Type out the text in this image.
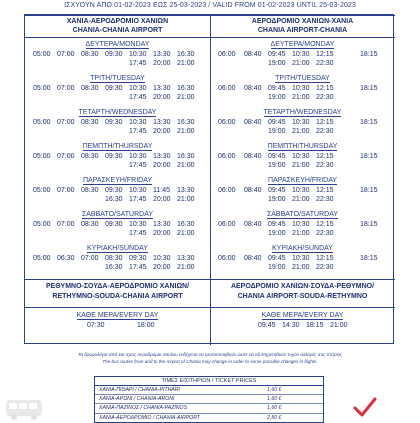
ΙΣΧΥΟΥΝ ΑΠΟ 01-02-2023 ΕΩΣ 25-03-2023 / VALID FROM 01-02-2023 UNTIL 25-03-2023
ΧΑΝΙΑ-ΑΕΡΟΔΡΟΜΙΟ ΧΑΝΙΩΝ
CHANIA-CHANIA AIRPORT
ΡΕΘΥΜΝΟ-ΣΟΥΔΑ-ΑΕΡΟΔΡΟΜΙΟ ΧΑΝΙΩΝ/
RETHYMNO-SOUDA-CHANIA AIRPORT
ΚΑΘΕ ΜΕΡΑ/EVERY DAY
07:30	18:00
ΔΕΥΤΕΡΑ/MONDAY
05:00 07:00 08:30 09:30 10:30 13:30 16:30
17:45 20:00 21:00
ΤΡΙΤΗ/TUESDAY
05:00 07:00 08:30 09:30 10:30 13:30 16:30
17:45 20:00 21:00
ΤΕΤΑΡΤΗ/WEDNESDAY
05:00 07:00 08:30 09:30 10:30 13:30 16:30
17:45 20:00 21:00
ΠΕΜΠΤΗ/THURSDAY
05:00 07:00 08:30 09:30 10:30 13:30 16:30
17:45 20:00 21:00
ΠΑΡΑΣΚΕΥΗ/FRIDAY
05:00 07:00 08:30 09:30 10:30 11:45 13:30
16:30 17:45 20:00 21:00
ΣΑΒΒΑΤΟ/SATURDAY
05:00 07:00 08:30 09:30 10:30 13:30 16:30
17:45 20:00 21:00
ΚΥΡΙΑΚΗ/SUNDAY
05:00 06:30 07:00 08:30 09:30 10:30 13:30
16:30 17:45 20:00 21:00
ΑΕΡΟΔΡΟΜΙΟ ΧΑΝΙΩΝ-ΧΑΝΙΑ
CHANIA AIRPORT-CHANIA
ΑΕΡΟΔΡΟΜΙΟ ΧΑΝΙΩΝ-ΣΟΥΔΑ-ΡΕΘΥΜΝΟ/
CHANIA AIRPORT-SOUDA-RETHYMNO
ΚΑΘΕ ΜΕΡΑ/EVERY DAY
09:45 14:30 18:15 21:00
ΔΕΥΤΕΡΑ/MONDAY
06:00 08:40 09:45 10:30 12:15	18:15
19:00 21:00 22:30
ΤΡΙΤΗ/TUESDAY
06:00 08:40 09:45 10:30 12:15	18:15
19:00 21:00 22:30
ΤΕΤΑΡΤΗ/WEDNESDAY
06:00 08:40 09:45 10:30 12:15	18:15
19:00 21:00 22:30
ΠΕΜΠΤΗ/THURSDAY
06:00 08:40 09:45 10:30 12:15	18:15
19:00 21:00 22:30
ΠΑΡΑΣΚΕΥΗ/FRIDAY
06:00 08:40 09:45 10:30 12:15	18:15
19:00 21:00 22:30
ΣΑΒΒΑΤΟ/SATURDAY
06:00 08:40 09:45 10:30 12:15	18:15
19:00 21:00 22:30
ΚΥΡΙΑΚΗ/SUNDAY
06:00 08:40 09:45 10:30 12:15	18:15
19:00 21:00 22:30
Τα δρομολόγια από και προς Αεροδρόμιο Χανίων ενδέχεται να τροποποιηθούν ώστε να εξυπηρετηθούν τυχόν αλλαγές στις πτήσεις
The bus routes from and to the Airport of Chania may change in order to serve possible changes in flights.
ΤΙΜΕΣ ΕΙΣΙΤΗΡΙΩΝ / TICKET PRICES
ΧΑΝΙΑ-ΠΙΘΑΡΙ / CHANIA-PITHARI	1,60 €
ΧΑΝΙΑ-ΑΡΩΝΙ / CHANIA-ARONI	1,60 €
ΧΑΝΙΑ-ΠΑΖΙΝΟΣ / CHANIA-PAZINOS	1,60 €
ΧΑΝΙΑ-ΑΕΡΟΔΡΟΜΙΟ / CHANIA-AIRPORT	2,50 €
